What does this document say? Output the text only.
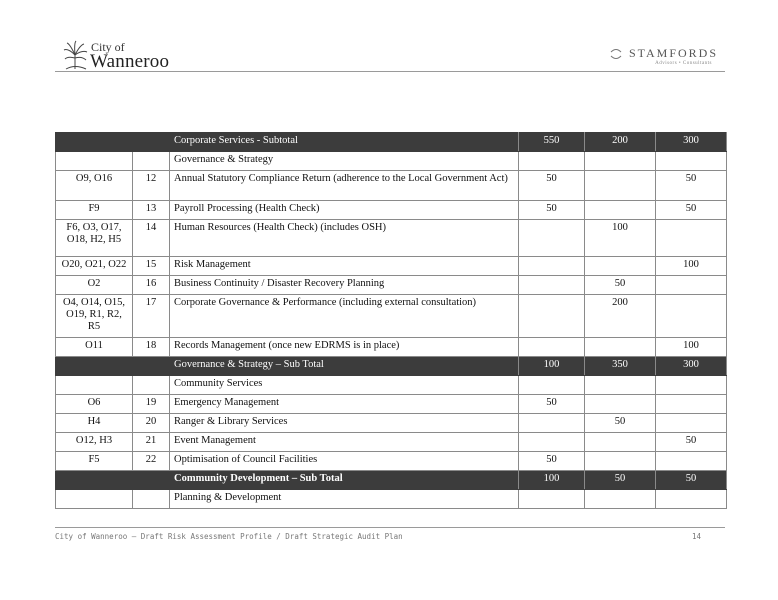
City of
Wanneroo	STAMFORDS
Advisors • Consultants
		Corporate Services - Subtotal	550	200	300
		Governance & Strategy			
O9, O16	12	Annual Statutory Compliance Return (adherence to the Local Government Act)	50		50
F9	13	Payroll Processing (Health Check)	50		50
F6, O3, O17, O18, H2, H5	14	Human Resources (Health Check) (includes OSH)		100	
O20, O21, O22	15	Risk Management			100
O2	16	Business Continuity / Disaster Recovery Planning		50	
O4, O14, O15, O19, R1, R2, R5	17	Corporate Governance & Performance (including external consultation)		200	
O11	18	Records Management (once new EDRMS is in place)			100
		Governance & Strategy – Sub Total	100	350	300
		Community Services			
O6	19	Emergency Management	50		
H4	20	Ranger & Library Services		50	
O12, H3	21	Event Management			50
F5	22	Optimisation of Council Facilities	50		
		Community Development – Sub Total	100	50	50
		Planning & Development			
City of Wanneroo – Draft Risk Assessment Profile / Draft Strategic Audit Plan	14
